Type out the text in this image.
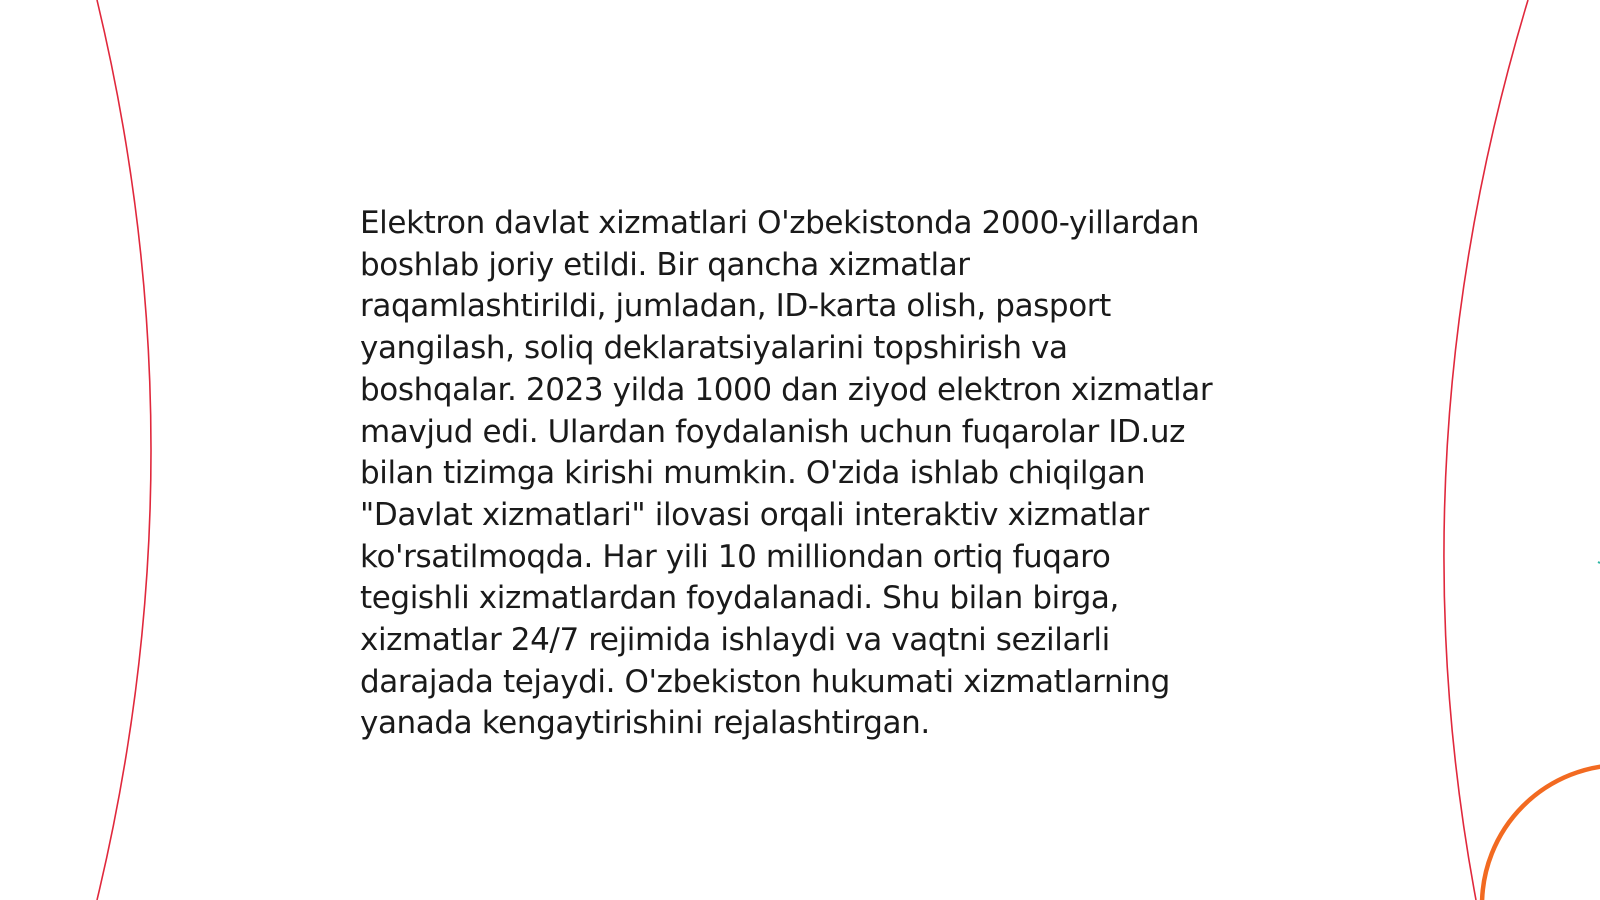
Elektron davlat xizmatlari O'zbekistonda 2000-yillardan boshlab joriy etildi. Bir qancha xizmatlar raqamlashtirildi, jumladan, ID-karta olish, pasport yangilash, soliq deklaratsiyalarini topshirish va boshqalar. 2023 yilda 1000 dan ziyod elektron xizmatlar mavjud edi. Ulardan foydalanish uchun fuqarolar ID.uz bilan tizimga kirishi mumkin. O'zida ishlab chiqilgan "Davlat xizmatlari" ilovasi orqali interaktiv xizmatlar ko'rsatilmoqda. Har yili 10 milliondan ortiq fuqaro tegishli xizmatlardan foydalanadi. Shu bilan birga, xizmatlar 24/7 rejimida ishlaydi va vaqtni sezilarli darajada tejaydi. O'zbekiston hukumati xizmatlarning yanada kengaytirishini rejalashtirgan.
